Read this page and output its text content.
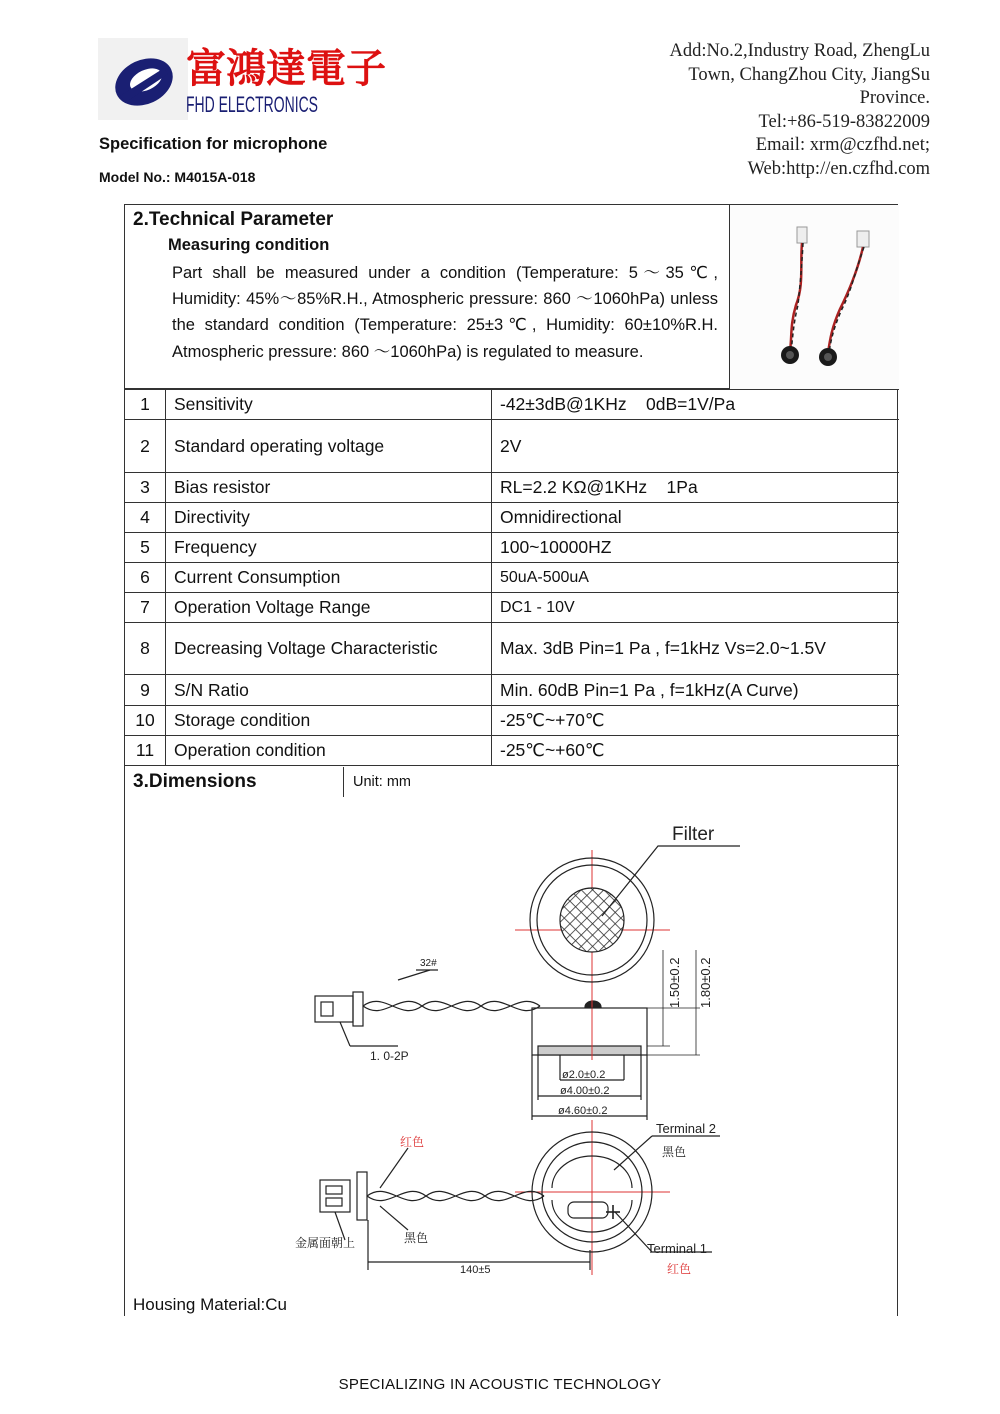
富鴻達電子
FHD ELECTRONICS
Add:No.2,Industry Road, ZhengLu
Town, ChangZhou City, JiangSu
Province.
Tel:+86-519-83822009
Email: xrm@czfhd.net;
Web:http://en.czfhd.com
Specification for microphone
Model No.: M4015A-018
2.Technical Parameter
Measuring condition
Part shall be measured under a condition (Temperature: 5～35℃, Humidity: 45%～85%R.H., Atmospheric pressure: 860 ～1060hPa) unless the standard condition (Temperature: 25±3℃, Humidity: 60±10%R.H. Atmospheric pressure: 860 ～1060hPa) is regulated to measure.
1	Sensitivity	-42±3dB@1KHz    0dB=1V/Pa
2	Standard operating voltage	2V
3	Bias resistor	RL=2.2 KΩ@1KHz    1Pa
4	Directivity	Omnidirectional
5	Frequency	100~10000HZ
6	Current Consumption	50uA-500uA
7	Operation Voltage Range	DC1 - 10V
8	Decreasing Voltage Characteristic	Max. 3dB Pin=1 Pa , f=1kHz Vs=2.0~1.5V
9	S/N Ratio	Min. 60dB Pin=1 Pa , f=1kHz(A Curve)
10	Storage condition	-25℃~+70℃
11	Operation condition	-25℃~+60℃
3.Dimensions	Unit: mm
Housing Material:Cu
Filter
32#
1. 0-2P
1.50±0.2 1.80±0.2
ø2.0±0.2
ø4.00±0.2
ø4.60±0.2
红色
黑色
金属面朝上
140±5
Terminal 2
黑色
Terminal 1
红色
SPECIALIZING IN ACOUSTIC TECHNOLOGY
